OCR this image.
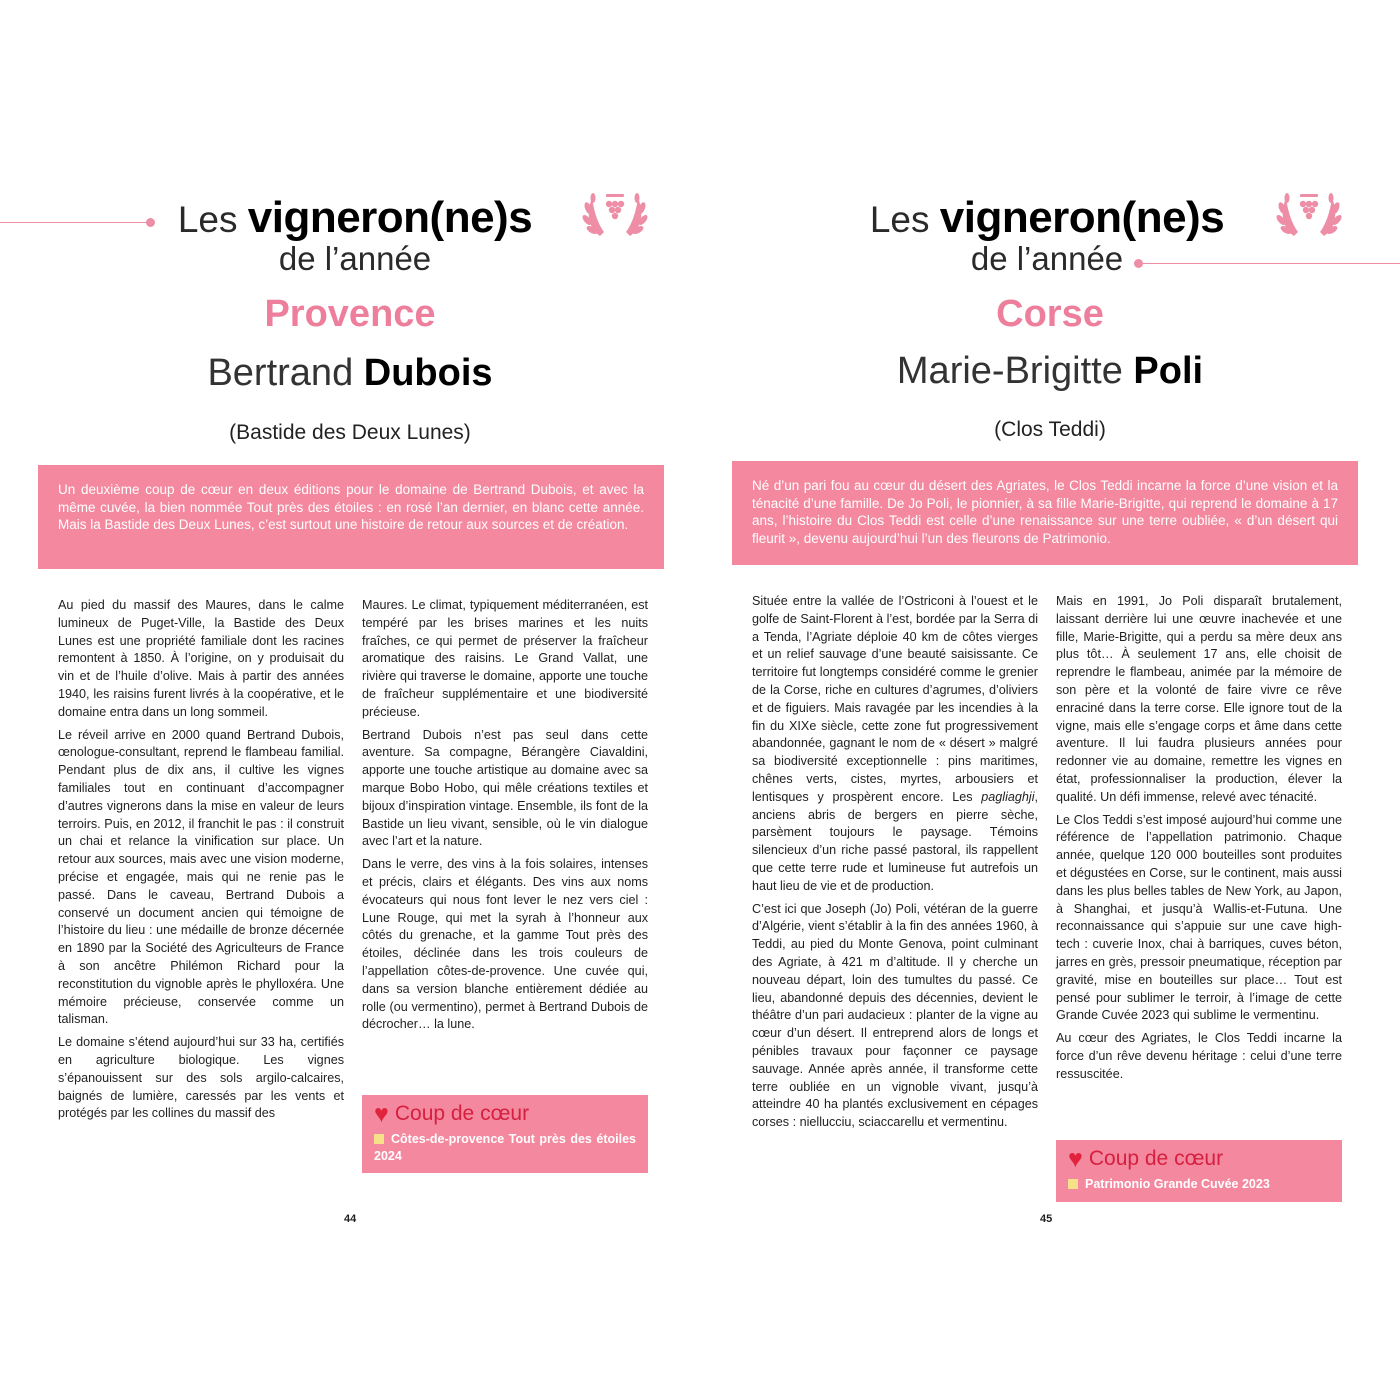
Les vigneron(ne)s
de l’année
Provence
Bertrand Dubois
(Bastide des Deux Lunes)
Un deuxième coup de cœur en deux éditions pour le domaine de Bertrand Dubois, et avec la même cuvée, la bien nommée Tout près des étoiles : en rosé l’an dernier, en blanc cette année. Mais la Bastide des Deux Lunes, c’est surtout une histoire de retour aux sources et de création.

Au pied du massif des Maures, dans le calme lumineux de Puget-Ville, la Bastide des Deux Lunes est une propriété familiale dont les racines remontent à 1850. À l’origine, on y produisait du vin et de l’huile d’olive. Mais à partir des années 1940, les raisins furent livrés à la coopérative, et le domaine entra dans un long sommeil.

Le réveil arrive en 2000 quand Bertrand Dubois, œnologue-consultant, reprend le flambeau familial. Pendant plus de dix ans, il cultive les vignes familiales tout en continuant d’accompagner d’autres vignerons dans la mise en valeur de leurs terroirs. Puis, en 2012, il franchit le pas : il construit un chai et relance la vinification sur place. Un retour aux sources, mais avec une vision moderne, précise et engagée, mais qui ne renie pas le passé. Dans le caveau, Bertrand Dubois a conservé un document ancien qui témoigne de l’histoire du lieu : une médaille de bronze décernée en 1890 par la Société des Agriculteurs de France à son ancêtre Philémon Richard pour la reconstitution du vignoble après le phylloxéra. Une mémoire précieuse, conservée comme un talisman.

Le domaine s’étend aujourd’hui sur 33 ha, certifiés en agriculture biologique. Les vignes s’épanouissent sur des sols argilo-calcaires, baignés de lumière, caressés par les vents et protégés par les collines du massif des

Maures. Le climat, typiquement méditerranéen, est tempéré par les brises marines et les nuits fraîches, ce qui permet de préserver la fraîcheur aromatique des raisins. Le Grand Vallat, une rivière qui traverse le domaine, apporte une touche de fraîcheur supplémentaire et une biodiversité précieuse.

Bertrand Dubois n’est pas seul dans cette aventure. Sa compagne, Bérangère Ciavaldini, apporte une touche artistique au domaine avec sa marque Bobo Hobo, qui mêle créations textiles et bijoux d’inspiration vintage. Ensemble, ils font de la Bastide un lieu vivant, sensible, où le vin dialogue avec l’art et la nature.

Dans le verre, des vins à la fois solaires, intenses et précis, clairs et élégants. Des vins aux noms évocateurs qui nous font lever le nez vers ciel : Lune Rouge, qui met la syrah à l’honneur aux côtés du grenache, et la gamme Tout près des étoiles, déclinée dans les trois couleurs de l’appellation côtes-de-provence. Une cuvée qui, dans sa version blanche entièrement dédiée au rolle (ou vermentino), permet à Bertrand Dubois de décrocher… la lune.

♥ Coup de cœur
Côtes-de-provence Tout près des étoiles 2024
44
Les vigneron(ne)s
de l’année
Corse
Marie-Brigitte Poli
(Clos Teddi)
Né d’un pari fou au cœur du désert des Agriates, le Clos Teddi incarne la force d’une vision et la ténacité d’une famille. De Jo Poli, le pionnier, à sa fille Marie-Brigitte, qui reprend le domaine à 17 ans, l’histoire du Clos Teddi est celle d’une renaissance sur une terre oubliée, « d’un désert qui fleurit », devenu aujourd’hui l’un des fleurons de Patrimonio.

Située entre la vallée de l’Ostriconi à l’ouest et le golfe de Saint-Florent à l’est, bordée par la Serra di a Tenda, l’Agriate déploie 40 km de côtes vierges et un relief sauvage d’une beauté saisissante. Ce territoire fut longtemps considéré comme le grenier de la Corse, riche en cultures d’agrumes, d’oliviers et de figuiers. Mais ravagée par les incendies à la fin du XIXe siècle, cette zone fut progressivement abandonnée, gagnant le nom de « désert » malgré sa biodiversité exceptionnelle : pins maritimes, chênes verts, cistes, myrtes, arbousiers et lentisques y prospèrent encore. Les pagliaghji, anciens abris de bergers en pierre sèche, parsèment toujours le paysage. Témoins silencieux d’un riche passé pastoral, ils rappellent que cette terre rude et lumineuse fut autrefois un haut lieu de vie et de production.

C’est ici que Joseph (Jo) Poli, vétéran de la guerre d’Algérie, vient s’établir à la fin des années 1960, à Teddi, au pied du Monte Genova, point culminant des Agriate, à 421 m d’altitude. Il y cherche un nouveau départ, loin des tumultes du passé. Ce lieu, abandonné depuis des décennies, devient le théâtre d’un pari audacieux : planter de la vigne au cœur d’un désert. Il entreprend alors de longs et pénibles travaux pour façonner ce paysage sauvage. Année après année, il transforme cette terre oubliée en un vignoble vivant, jusqu’à atteindre 40 ha plantés exclusivement en cépages corses : niellucciu, sciaccarellu et vermentinu.

Mais en 1991, Jo Poli disparaît brutalement, laissant derrière lui une œuvre inachevée et une fille, Marie-Brigitte, qui a perdu sa mère deux ans plus tôt… À seulement 17 ans, elle choisit de reprendre le flambeau, animée par la mémoire de son père et la volonté de faire vivre ce rêve enraciné dans la terre corse. Elle ignore tout de la vigne, mais elle s’engage corps et âme dans cette aventure. Il lui faudra plusieurs années pour redonner vie au domaine, remettre les vignes en état, professionnaliser la production, élever la qualité. Un défi immense, relevé avec ténacité.

Le Clos Teddi s’est imposé aujourd’hui comme une référence de l’appellation patrimonio. Chaque année, quelque 120 000 bouteilles sont produites et dégustées en Corse, sur le continent, mais aussi dans les plus belles tables de New York, au Japon, à Shanghai, et jusqu’à Wallis-et-Futuna. Une reconnaissance qui s’appuie sur une cave high-tech : cuverie Inox, chai à barriques, cuves béton, jarres en grès, pressoir pneumatique, réception par gravité, mise en bouteilles sur place… Tout est pensé pour sublimer le terroir, à l’image de cette Grande Cuvée 2023 qui sublime le vermentinu.

Au cœur des Agriates, le Clos Teddi incarne la force d’un rêve devenu héritage : celui d’une terre ressuscitée.

♥ Coup de cœur
Patrimonio Grande Cuvée 2023
45
